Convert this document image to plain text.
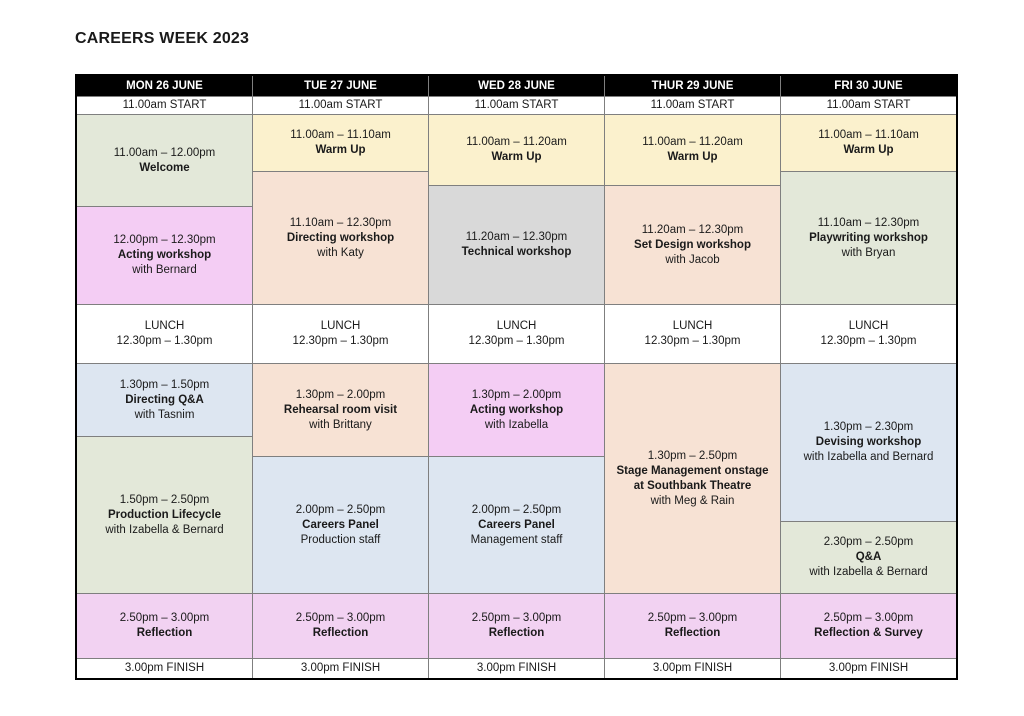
CAREERS WEEK 2023
MON 26 JUNE
11.00am START
11.00am – 12.00pm
Welcome
12.00pm – 12.30pm
Acting workshop
with Bernard
LUNCH
12.30pm – 1.30pm
1.30pm – 1.50pm
Directing Q&A
with Tasnim
1.50pm – 2.50pm
Production Lifecycle
with Izabella & Bernard
2.50pm – 3.00pm
Reflection
3.00pm FINISH
TUE 27 JUNE
11.00am START
11.00am – 11.10am
Warm Up
11.10am – 12.30pm
Directing workshop
with Katy
LUNCH
12.30pm – 1.30pm
1.30pm – 2.00pm
Rehearsal room visit
with Brittany
2.00pm – 2.50pm
Careers Panel
Production staff
2.50pm – 3.00pm
Reflection
3.00pm FINISH
WED 28 JUNE
11.00am START
11.00am – 11.20am
Warm Up
11.20am – 12.30pm
Technical workshop
LUNCH
12.30pm – 1.30pm
1.30pm – 2.00pm
Acting workshop
with Izabella
2.00pm – 2.50pm
Careers Panel
Management staff
2.50pm – 3.00pm
Reflection
3.00pm FINISH
THUR 29 JUNE
11.00am START
11.00am – 11.20am
Warm Up
11.20am – 12.30pm
Set Design workshop
with Jacob
LUNCH
12.30pm – 1.30pm
1.30pm – 2.50pm
Stage Management onstage at Southbank Theatre
with Meg & Rain
2.50pm – 3.00pm
Reflection
3.00pm FINISH
FRI 30 JUNE
11.00am START
11.00am – 11.10am
Warm Up
11.10am – 12.30pm
Playwriting workshop
with Bryan
LUNCH
12.30pm – 1.30pm
1.30pm – 2.30pm
Devising workshop
with Izabella and Bernard
2.30pm – 2.50pm
Q&A
with Izabella & Bernard
2.50pm – 3.00pm
Reflection & Survey
3.00pm FINISH
